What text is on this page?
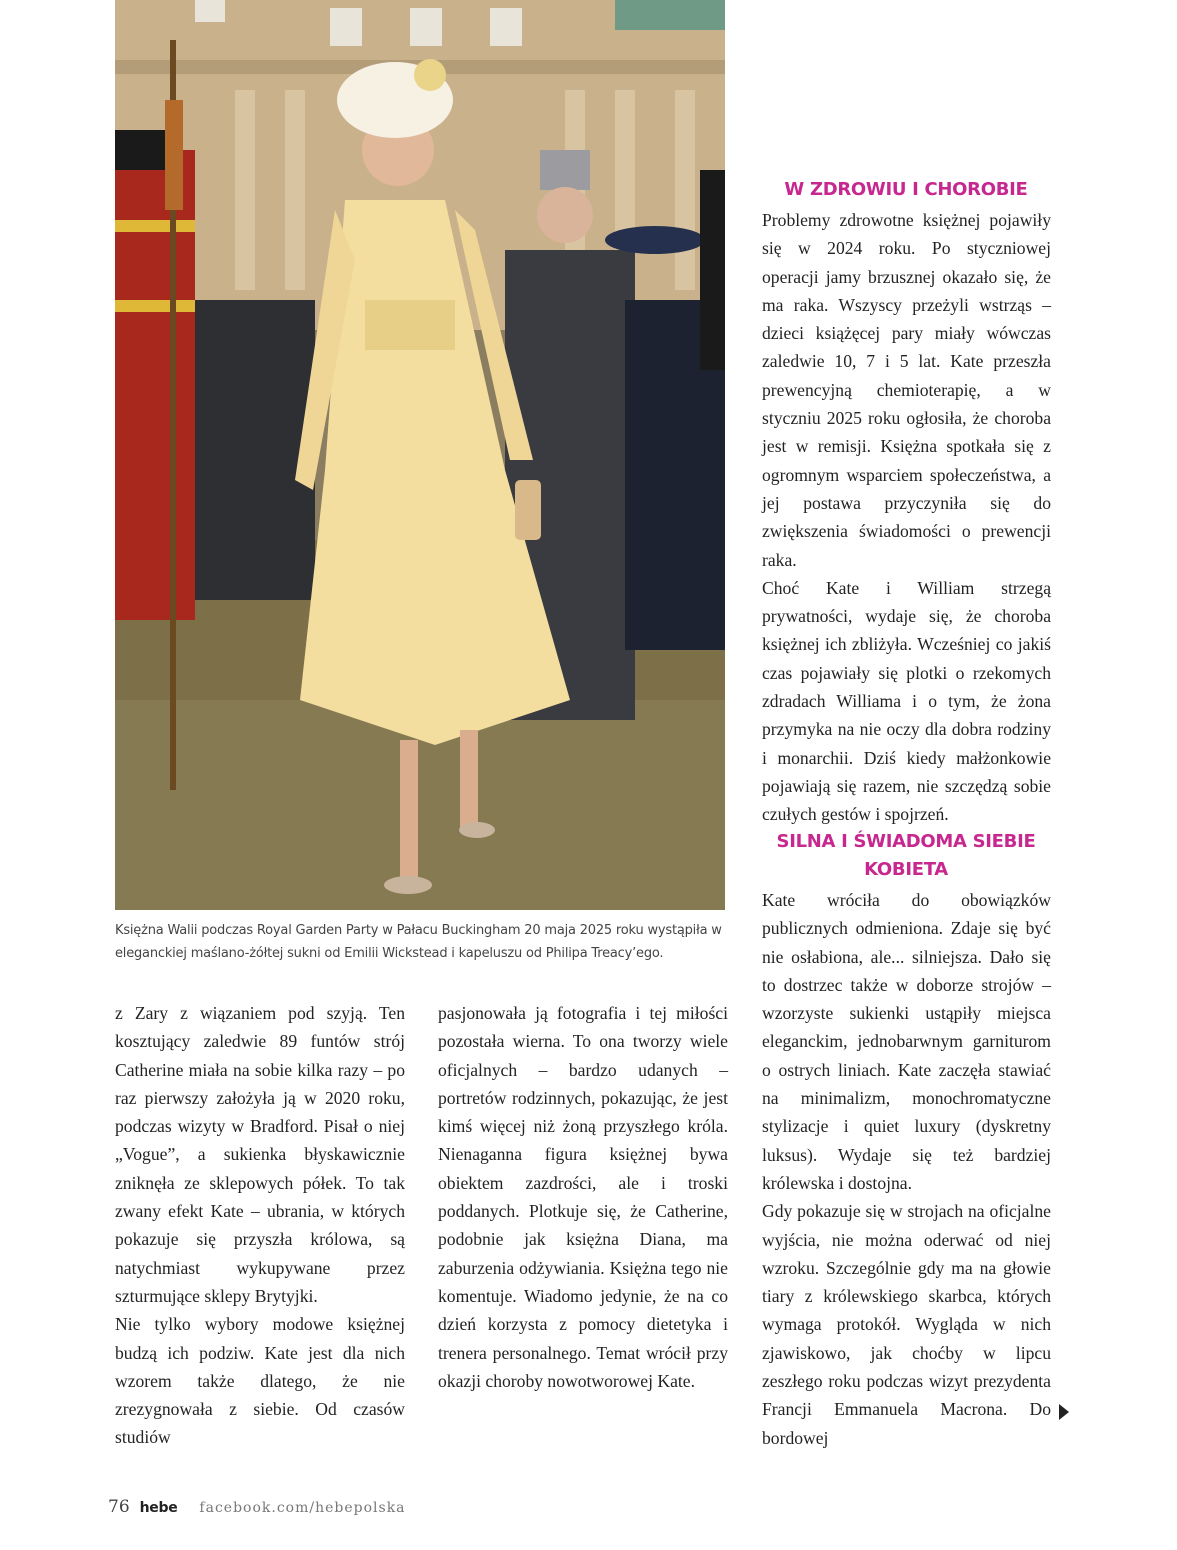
Księżna Walii podczas Royal Garden Party w Pałacu Buckingham 20 maja 2025 roku wystąpiła w eleganckiej maślano-żółtej sukni od Emilii Wickstead i kapeluszu od Philipa Treacy’ego.

z Zary z wiązaniem pod szyją. Ten kosztujący zaledwie 89 funtów strój Catherine miała na sobie kilka razy – po raz pierwszy założyła ją w 2020 roku, podczas wizyty w Bradford. Pisał o niej „Vogue”, a sukienka błyskawicznie zniknęła ze sklepowych półek. To tak zwany efekt Kate – ubrania, w których pokazuje się przyszła królowa, są natychmiast wykupywane przez szturmujące sklepy Brytyjki.

Nie tylko wybory modowe księżnej budzą ich podziw. Kate jest dla nich wzorem także dlatego, że nie zrezygnowała z siebie. Od czasów studiów

pasjonowała ją fotografia i tej miłości pozostała wierna. To ona tworzy wiele oficjalnych – bardzo udanych – portretów rodzinnych, pokazując, że jest kimś więcej niż żoną przyszłego króla. Nienaganna figura księżnej bywa obiektem zazdrości, ale i troski poddanych. Plotkuje się, że Catherine, podobnie jak księżna Diana, ma zaburzenia odżywiania. Księżna tego nie komentuje. Wiadomo jedynie, że na co dzień korzysta z pomocy dietetyka i trenera personalnego. Temat wrócił przy okazji choroby nowotworowej Kate.

W ZDROWIU I CHOROBIE

Problemy zdrowotne księżnej pojawiły się w 2024 roku. Po styczniowej operacji jamy brzusznej okazało się, że ma raka. Wszyscy przeżyli wstrząs – dzieci książęcej pary miały wówczas zaledwie 10, 7 i 5 lat. Kate przeszła prewencyjną chemioterapię, a w styczniu 2025 roku ogłosiła, że choroba jest w remisji. Księżna spotkała się z ogromnym wsparciem społeczeństwa, a jej postawa przyczyniła się do zwiększenia świadomości o prewencji raka.

Choć Kate i William strzegą prywatności, wydaje się, że choroba księżnej ich zbliżyła. Wcześniej co jakiś czas pojawiały się plotki o rzekomych zdradach Williama i o tym, że żona przymyka na nie oczy dla dobra rodziny i monarchii. Dziś kiedy małżonkowie pojawiają się razem, nie szczędzą sobie czułych gestów i spojrzeń.

SILNA I ŚWIADOMA SIEBIE
KOBIETA

Kate wróciła do obowiązków publicznych odmieniona. Zdaje się być nie osłabiona, ale... silniejsza. Dało się to dostrzec także w doborze strojów – wzorzyste sukienki ustąpiły miejsca eleganckim, jednobarwnym garniturom o ostrych liniach. Kate zaczęła stawiać na minimalizm, monochromatyczne stylizacje i quiet luxury (dyskretny luksus). Wydaje się też bardziej królewska i dostojna.

Gdy pokazuje się w strojach na oficjalne wyjścia, nie można oderwać od niej wzroku. Szczególnie gdy ma na głowie tiary z królewskiego skarbca, których wymaga protokół. Wygląda w nich zjawiskowo, jak choćby w lipcu zeszłego roku podczas wizyt prezydenta Francji Emmanuela Macrona. Do bordowej

76 hebe facebook.com/hebepolska
